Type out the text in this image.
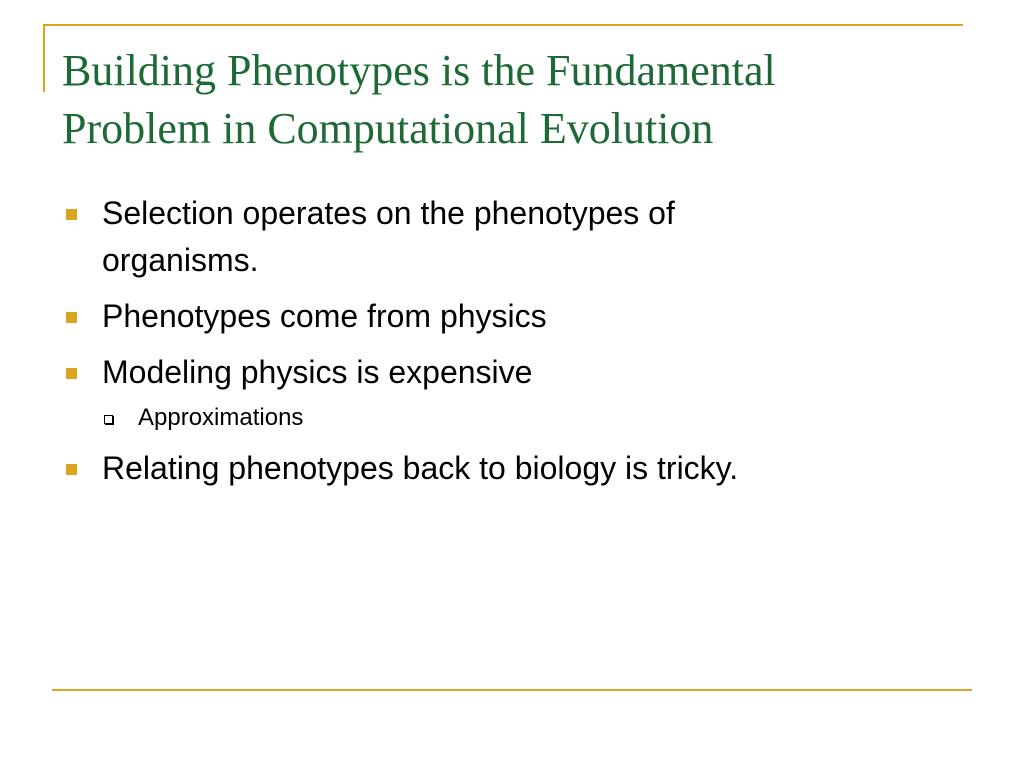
Building Phenotypes is the Fundamental
Problem in Computational Evolution
Selection operates on the phenotypes of
organisms.
Phenotypes come from physics
Modeling physics is expensive
Approximations
Relating phenotypes back to biology is tricky.
